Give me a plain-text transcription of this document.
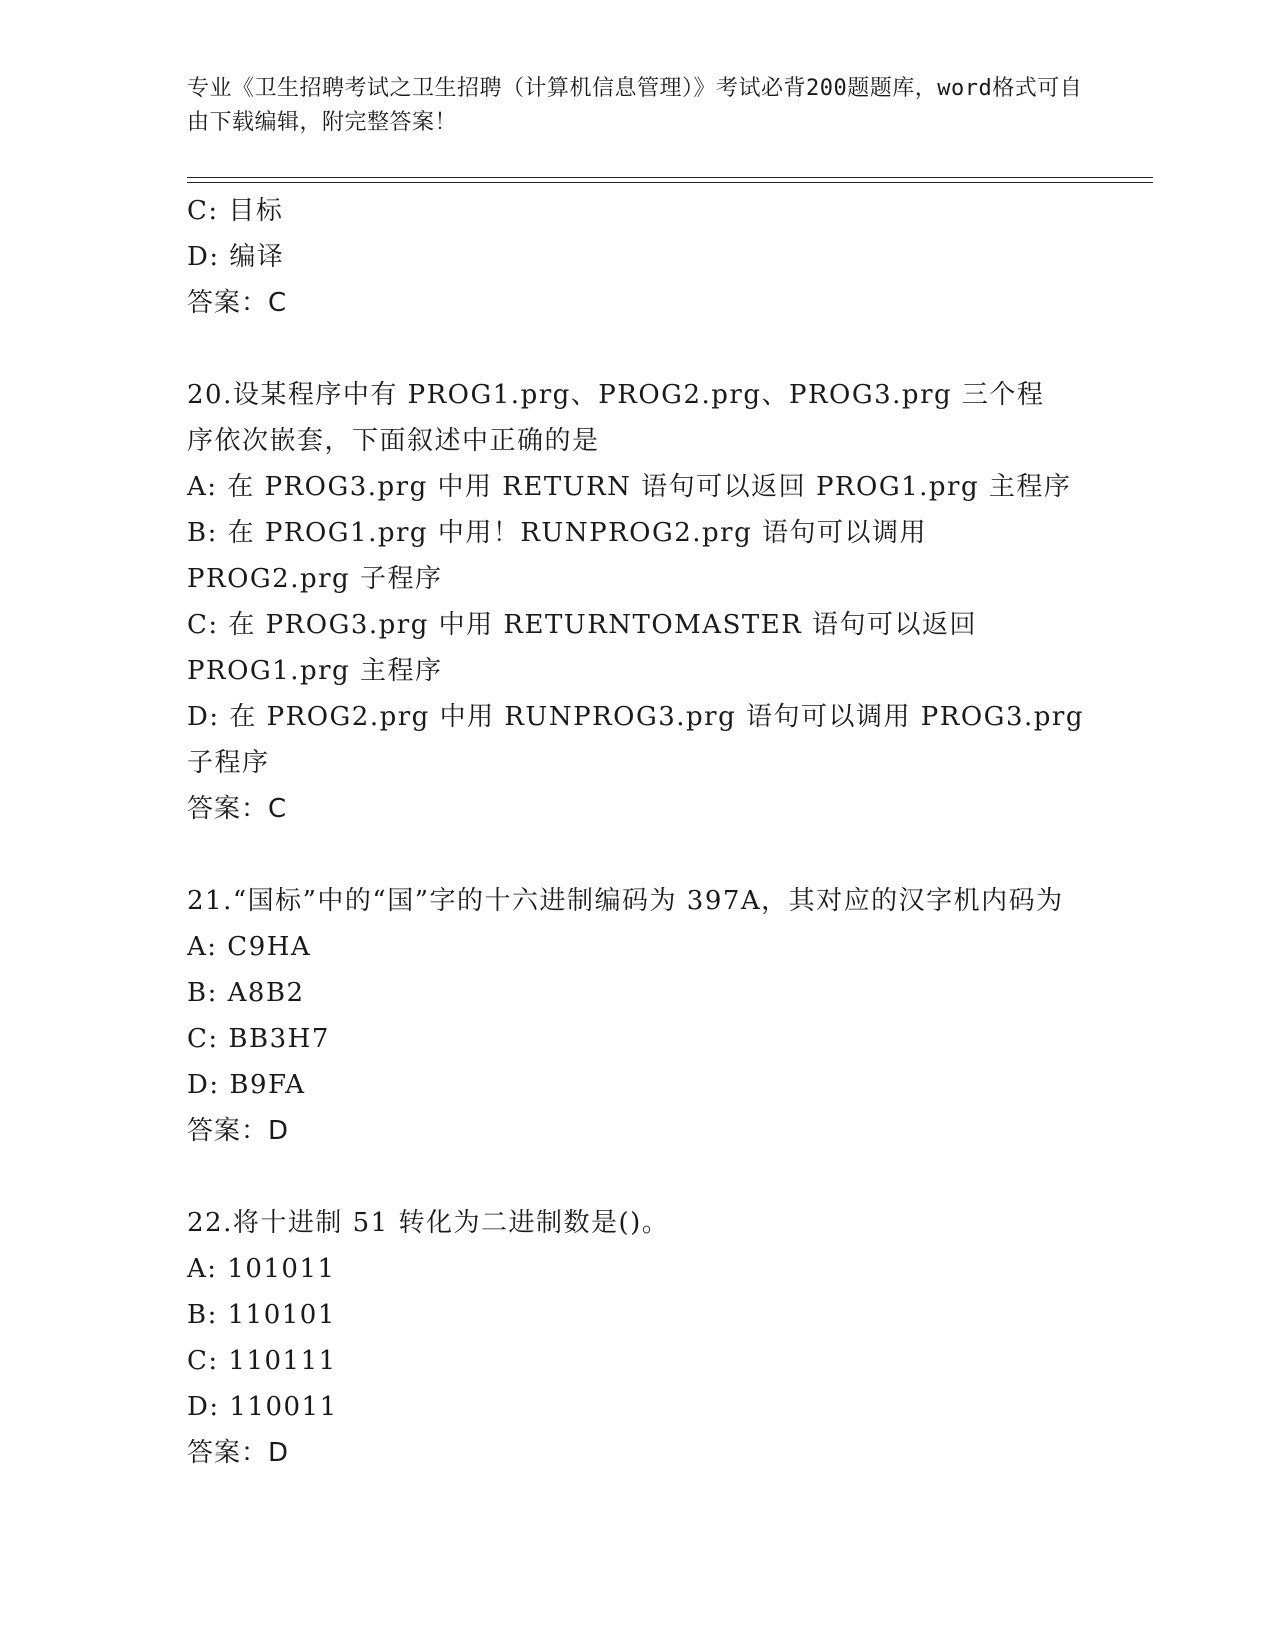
专业《卫生招聘考试之卫生招聘（计算机信息管理）》考试必背200题题库，word格式可自由下载编辑，附完整答案！
C: 目标
D: 编译
答案：C
20.设某程序中有 PROG1.prg、PROG2.prg、PROG3.prg 三个程序依次嵌套，下面叙述中正确的是
A: 在 PROG3.prg 中用 RETURN 语句可以返回 PROG1.prg 主程序
B: 在 PROG1.prg 中用！RUNPROG2.prg 语句可以调用 PROG2.prg 子程序
C: 在 PROG3.prg 中用 RETURNTOMASTER 语句可以返回 PROG1.prg 主程序
D: 在 PROG2.prg 中用 RUNPROG3.prg 语句可以调用 PROG3.prg 子程序
答案：C
21.“国标”中的“国”字的十六进制编码为 397A，其对应的汉字机内码为
A: C9HA
B: A8B2
C: BB3H7
D: B9FA
答案：D
22.将十进制 51 转化为二进制数是()。
A: 101011
B: 110101
C: 110111
D: 110011
答案：D
